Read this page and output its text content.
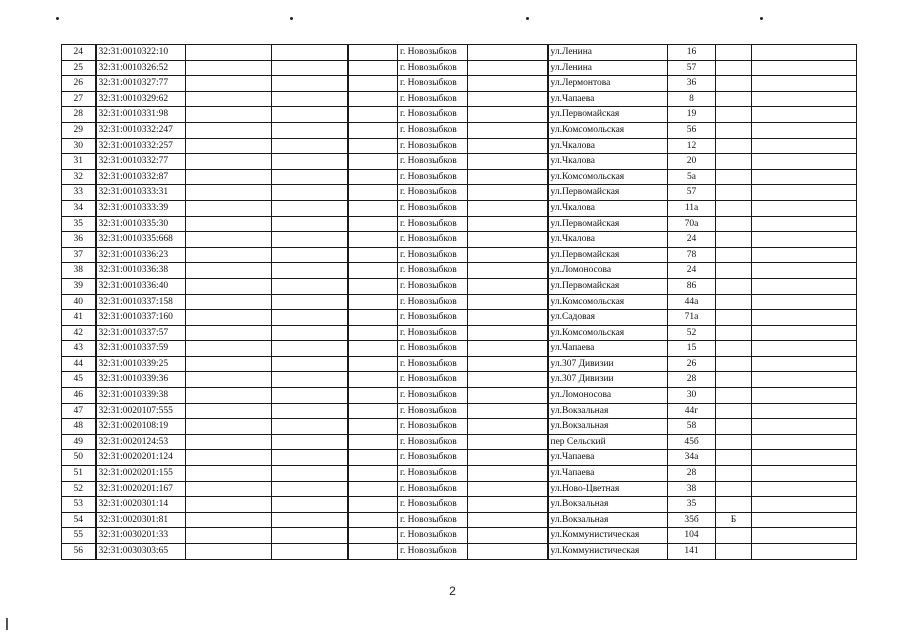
24	32:31:0010322:10				г. Новозыбков		ул.Ленина	16		
25	32:31:0010326:52				г. Новозыбков		ул.Ленина	57		
26	32:31:0010327:77				г. Новозыбков		ул.Лермонтова	36		
27	32:31:0010329:62				г. Новозыбков		ул.Чапаева	8		
28	32:31:0010331:98				г. Новозыбков		ул.Первомайская	19		
29	32:31:0010332:247				г. Новозыбков		ул.Комсомольская	56		
30	32:31:0010332:257				г. Новозыбков		ул.Чкалова	12		
31	32:31:0010332:77				г. Новозыбков		ул.Чкалова	20		
32	32:31:0010332:87				г. Новозыбков		ул.Комсомольская	5а		
33	32:31:0010333:31				г. Новозыбков		ул.Первомайская	57		
34	32:31:0010333:39				г. Новозыбков		ул.Чкалова	11а		
35	32:31:0010335:30				г. Новозыбков		ул.Первомайская	70а		
36	32:31:0010335:668				г. Новозыбков		ул.Чкалова	24		
37	32:31:0010336:23				г. Новозыбков		ул.Первомайская	78		
38	32:31:0010336:38				г. Новозыбков		ул.Ломоносова	24		
39	32:31:0010336:40				г. Новозыбков		ул.Первомайская	86		
40	32:31:0010337:158				г. Новозыбков		ул.Комсомольская	44а		
41	32:31:0010337:160				г. Новозыбков		ул.Садовая	71а		
42	32:31:0010337:57				г. Новозыбков		ул.Комсомольская	52		
43	32:31:0010337:59				г. Новозыбков		ул.Чапаева	15		
44	32:31:0010339:25				г. Новозыбков		ул.307 Дивизии	26		
45	32:31:0010339:36				г. Новозыбков		ул.307 Дивизии	28		
46	32:31:0010339:38				г. Новозыбков		ул.Ломоносова	30		
47	32:31:0020107:555				г. Новозыбков		ул.Вокзальная	44г		
48	32:31:0020108:19				г. Новозыбков		ул.Вокзальная	58		
49	32:31:0020124:53				г. Новозыбков		пер Сельский	45б		
50	32:31:0020201:124				г. Новозыбков		ул.Чапаева	34а		
51	32:31:0020201:155				г. Новозыбков		ул.Чапаева	28		
52	32:31:0020201:167				г. Новозыбков		ул.Ново-Цветная	38		
53	32:31:0020301:14				г. Новозыбков		ул.Вокзальная	35		
54	32:31:0020301:81				г. Новозыбков		ул.Вокзальная	35б	Б	
55	32:31:0030201:33				г. Новозыбков		ул.Коммунистическая	104		
56	32:31:0030303:65				г. Новозыбков		ул.Коммунистическая	141		
2
